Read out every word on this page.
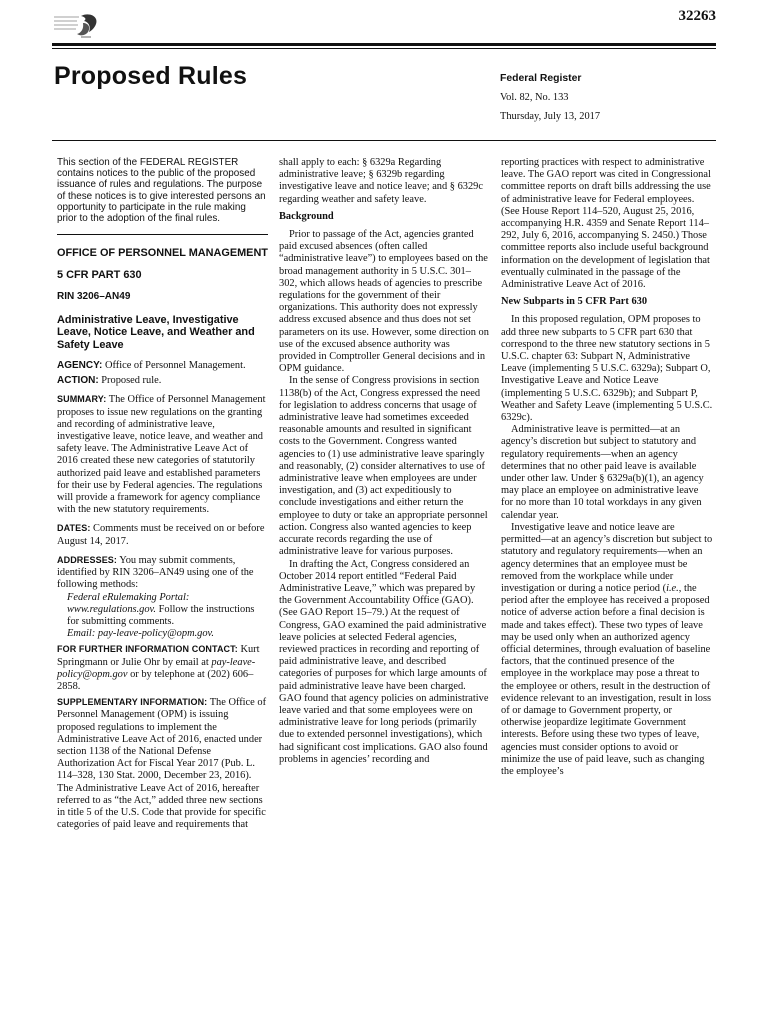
32263
Proposed Rules	Federal Register
Vol. 82, No. 133
Thursday, July 13, 2017
This section of the FEDERAL REGISTER contains notices to the public of the proposed issuance of rules and regulations. The purpose of these notices is to give interested persons an opportunity to participate in the rule making prior to the adoption of the final rules.
OFFICE OF PERSONNEL MANAGEMENT
5 CFR PART 630
RIN 3206–AN49
Administrative Leave, Investigative Leave, Notice Leave, and Weather and Safety Leave
AGENCY: Office of Personnel Management.
ACTION: Proposed rule.
SUMMARY: The Office of Personnel Management proposes to issue new regulations on the granting and recording of administrative leave, investigative leave, notice leave, and weather and safety leave. The Administrative Leave Act of 2016 created these new categories of statutorily authorized paid leave and established parameters for their use by Federal agencies. The regulations will provide a framework for agency compliance with the new statutory requirements.
DATES: Comments must be received on or before August 14, 2017.
ADDRESSES: You may submit comments, identified by RIN 3206–AN49 using one of the following methods:
Federal eRulemaking Portal: www.regulations.gov. Follow the instructions for submitting comments.
Email: pay-leave-policy@opm.gov.
FOR FURTHER INFORMATION CONTACT: Kurt Springmann or Julie Ohr by email at pay-leave-policy@opm.gov or by telephone at (202) 606–2858.
SUPPLEMENTARY INFORMATION: The Office of Personnel Management (OPM) is issuing proposed regulations to implement the Administrative Leave Act of 2016, enacted under section 1138 of the National Defense Authorization Act for Fiscal Year 2017 (Pub. L. 114–328, 130 Stat. 2000, December 23, 2016). The Administrative Leave Act of 2016, hereafter referred to as “the Act,” added three new sections in title 5 of the U.S. Code that provide for specific categories of paid leave and requirements that

shall apply to each: § 6329a Regarding administrative leave; § 6329b regarding investigative leave and notice leave; and § 6329c regarding weather and safety leave.

Background

Prior to passage of the Act, agencies granted paid excused absences (often called “administrative leave”) to employees based on the broad management authority in 5 U.S.C. 301–302, which allows heads of agencies to prescribe regulations for the government of their organizations. This authority does not expressly address excused absence and thus does not set parameters on its use. However, some direction on use of the excused absence authority was provided in Comptroller General decisions and in OPM guidance.

In the sense of Congress provisions in section 1138(b) of the Act, Congress expressed the need for legislation to address concerns that usage of administrative leave had sometimes exceeded reasonable amounts and resulted in significant costs to the Government. Congress wanted agencies to (1) use administrative leave sparingly and reasonably, (2) consider alternatives to use of administrative leave when employees are under investigation, and (3) act expeditiously to conclude investigations and either return the employee to duty or take an appropriate personnel action. Congress also wanted agencies to keep accurate records regarding the use of administrative leave for various purposes.

In drafting the Act, Congress considered an October 2014 report entitled “Federal Paid Administrative Leave,” which was prepared by the Government Accountability Office (GAO). (See GAO Report 15–79.) At the request of Congress, GAO examined the paid administrative leave policies at selected Federal agencies, reviewed practices in recording and reporting of paid administrative leave, and described categories of purposes for which large amounts of paid administrative leave have been charged. GAO found that agency policies on administrative leave varied and that some employees were on administrative leave for long periods (primarily due to extended personnel investigations), which had significant cost implications. GAO also found problems in agencies’ recording and

reporting practices with respect to administrative leave. The GAO report was cited in Congressional committee reports on draft bills addressing the use of administrative leave for Federal employees. (See House Report 114–520, August 25, 2016, accompanying H.R. 4359 and Senate Report 114–292, July 6, 2016, accompanying S. 2450.) Those committee reports also include useful background information on the development of legislation that eventually culminated in the passage of the Administrative Leave Act of 2016.

New Subparts in 5 CFR Part 630

In this proposed regulation, OPM proposes to add three new subparts to 5 CFR part 630 that correspond to the three new statutory sections in 5 U.S.C. chapter 63: Subpart N, Administrative Leave (implementing 5 U.S.C. 6329a); Subpart O, Investigative Leave and Notice Leave (implementing 5 U.S.C. 6329b); and Subpart P, Weather and Safety Leave (implementing 5 U.S.C. 6329c).

Administrative leave is permitted—at an agency’s discretion but subject to statutory and regulatory requirements—when an agency determines that no other paid leave is available under other law. Under § 6329a(b)(1), an agency may place an employee on administrative leave for no more than 10 total workdays in any given calendar year.

Investigative leave and notice leave are permitted—at an agency’s discretion but subject to statutory and regulatory requirements—when an agency determines that an employee must be removed from the workplace while under investigation or during a notice period (i.e., the period after the employee has received a proposed notice of adverse action before a final decision is made and takes effect). These two types of leave may be used only when an authorized agency official determines, through evaluation of baseline factors, that the continued presence of the employee in the workplace may pose a threat to the employee or others, result in the destruction of evidence relevant to an investigation, result in loss of or damage to Government property, or otherwise jeopardize legitimate Government interests. Before using these two types of leave, agencies must consider options to avoid or minimize the use of paid leave, such as changing the employee’s
